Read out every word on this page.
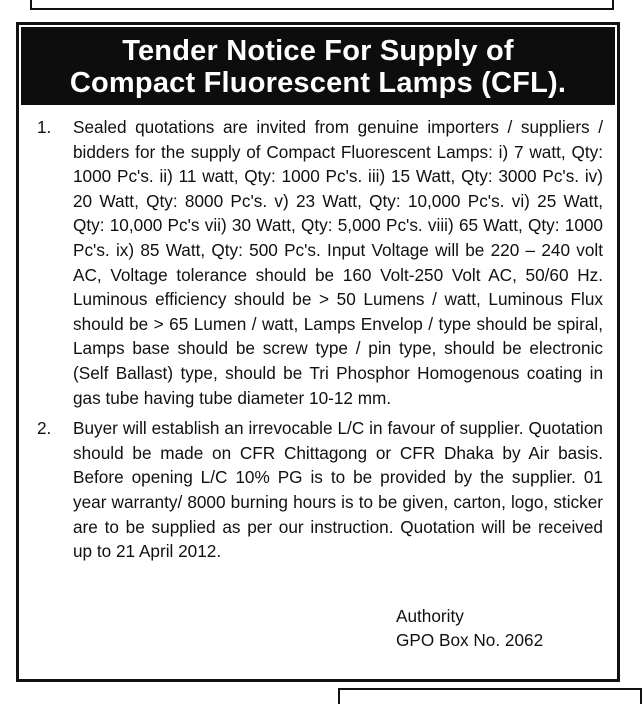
Tender Notice For Supply of
Compact Fluorescent Lamps (CFL).
1.	Sealed quotations are invited from genuine importers / suppliers / bidders for the supply of Compact Fluorescent Lamps: i) 7 watt, Qty: 1000 Pc's. ii) 11 watt, Qty: 1000 Pc's. iii) 15 Watt, Qty: 3000 Pc's. iv) 20 Watt, Qty: 8000 Pc's. v) 23 Watt, Qty: 10,000 Pc's. vi) 25 Watt, Qty: 10,000 Pc's vii) 30 Watt, Qty: 5,000 Pc's. viii) 65 Watt, Qty: 1000 Pc's. ix) 85 Watt, Qty: 500 Pc's. Input Voltage will be 220 – 240 volt AC, Voltage tolerance should be 160 Volt-250 Volt AC, 50/60 Hz. Luminous efficiency should be > 50 Lumens / watt, Luminous Flux should be > 65 Lumen / watt, Lamps Envelop / type should be spiral, Lamps base should be screw type / pin type, should be electronic (Self Ballast) type, should be Tri Phosphor Homogenous coating in gas tube having tube diameter 10-12 mm.
2.	Buyer will establish an irrevocable L/C in favour of supplier. Quotation should be made on CFR Chittagong or CFR Dhaka by Air basis. Before opening L/C 10% PG is to be provided by the supplier. 01 year warranty/ 8000 burning hours is to be given, carton, logo, sticker are to be supplied as per our instruction. Quotation will be received up to 21 April 2012.
Authority
GPO Box No. 2062
